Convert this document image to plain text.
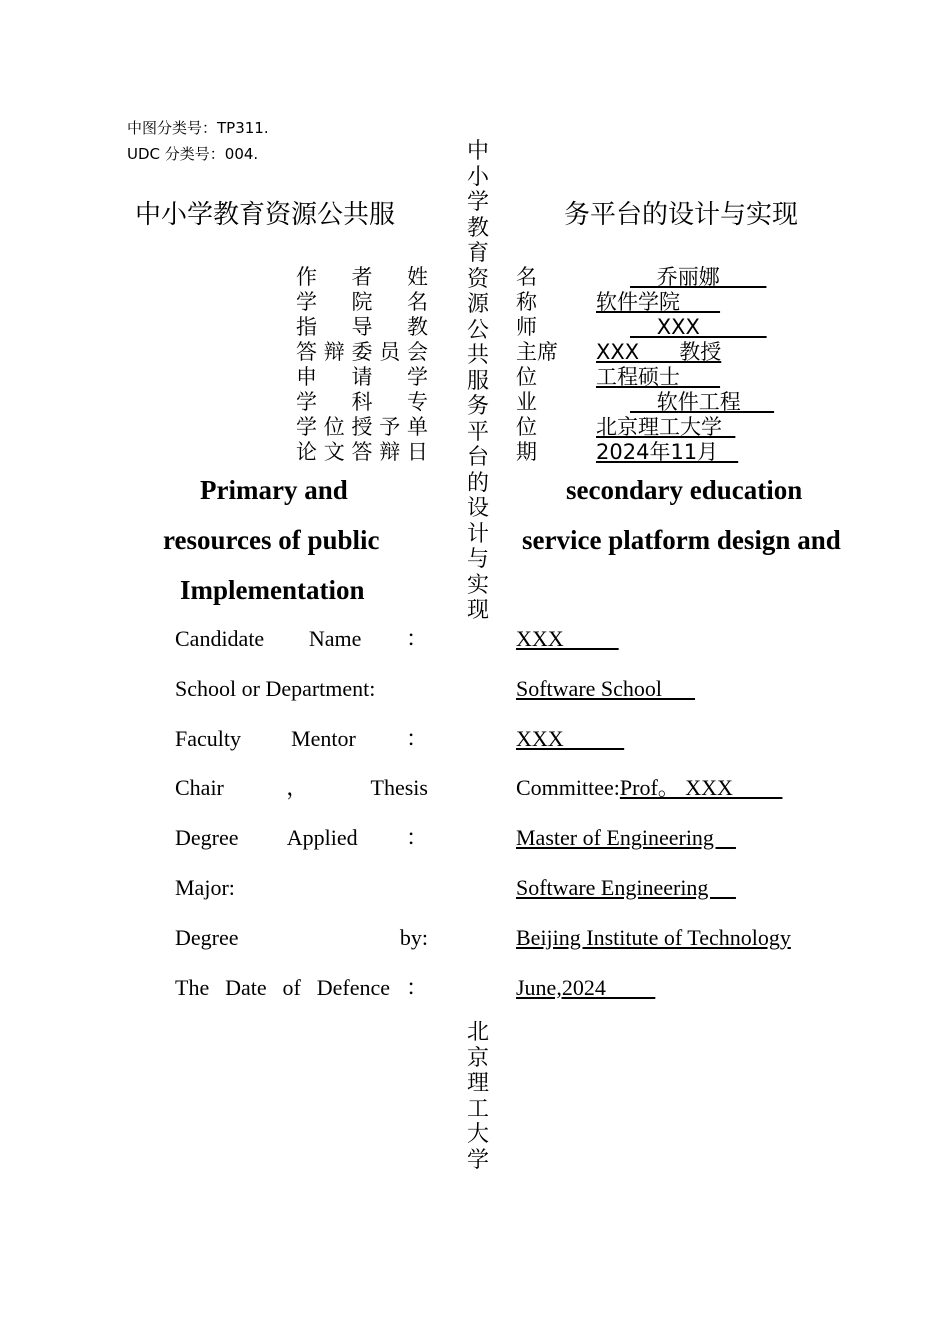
中图分类号：TP311.
UDC 分类号：004.
中小学教育资源公共服	务平台的设计与实现
中
小
学
教
育
资
源
公
共
服
务
平
台
的
设
计
与
实
现
北
京
理
工
大
学
作 者 姓	名	乔丽娜
学 院 名	称	软件学院
指 导 教	师	XXX
答 辩 委 员 会	主席 XXX      教授
申 请 学	位	工程硕士
学 科 专	业	软件工程
学 位 授 予 单	位	北京理工大学
论 文 答 辩 日	期	2024年11月
Primary and
resources of public
Implementation
secondary education
service platform design and
Candidate Name ：	XXX
School or Department:	Software School
Faculty Mentor ：	XXX
Chair	，	Thesis	Committee:Prof。 XXX
Degree Applied ：	Master of Engineering
Major:	Software Engineering
Degree	by:	Beijing Institute of Technology
The Date of Defence ：	June,2024
